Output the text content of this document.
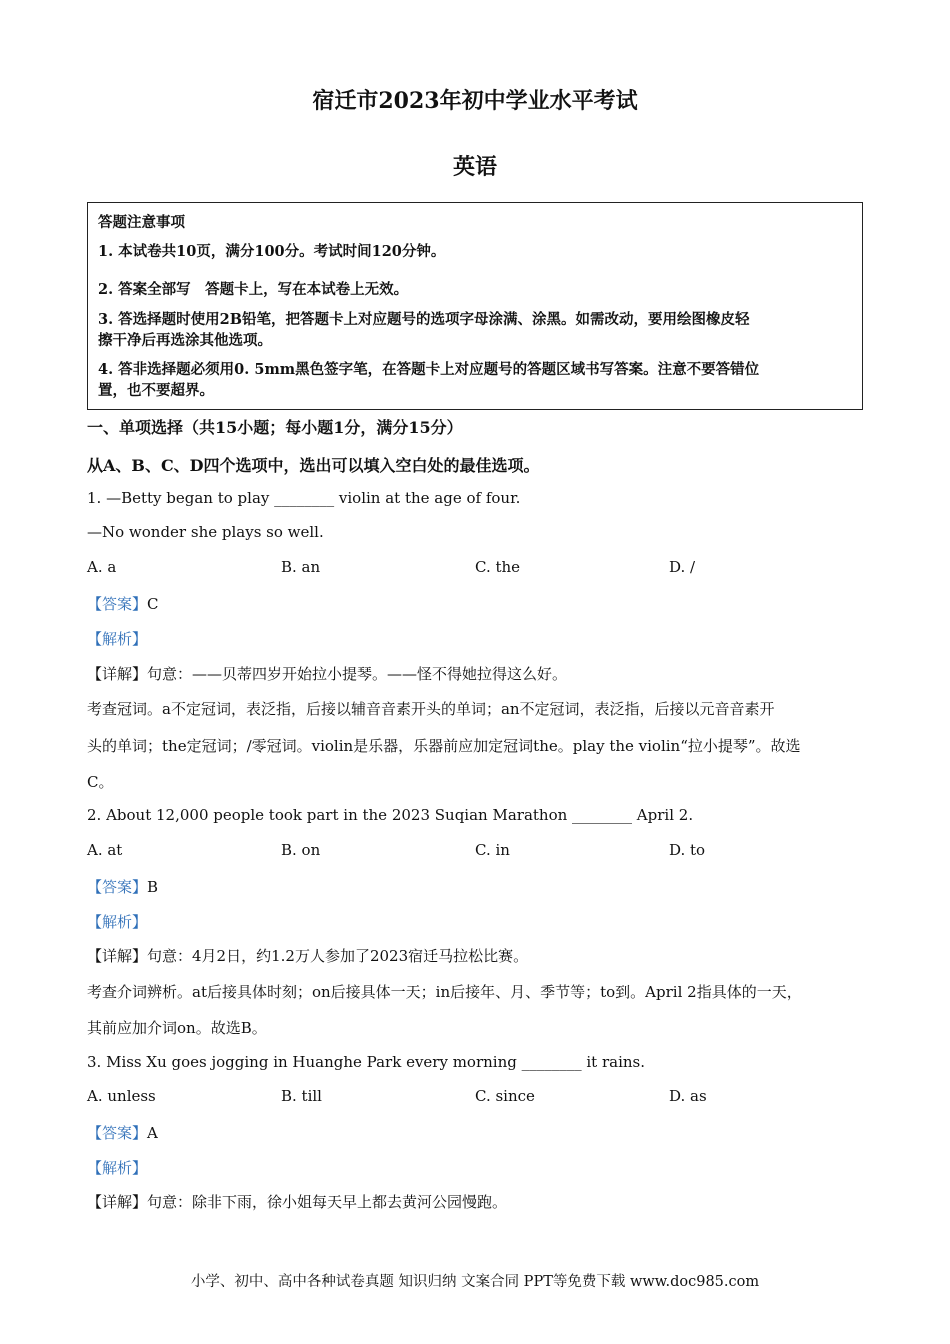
宿迁市2023年初中学业水平考试
英语
答题注意事项
1. 本试卷共10页，满分100分。考试时间120分钟。
2. 答案全部写　答题卡上，写在本试卷上无效。
3. 答选择题时使用2B铅笔，把答题卡上对应题号的选项字母涂满、涂黑。如需改动，要用绘图橡皮轻
擦干净后再选涂其他选项。
4. 答非选择题必须用0. 5mm黑色签字笔，在答题卡上对应题号的答题区域书写答案。注意不要答错位
置，也不要超界。
一、单项选择（共15小题；每小题1分，满分15分）
从A、B、C、D四个选项中，选出可以填入空白处的最佳选项。
1. —Betty began to play ________ violin at the age of four.
—No wonder she plays so well.
A. a	B. an	C. the	D. /
【答案】C
【解析】
【详解】句意：——贝蒂四岁开始拉小提琴。——怪不得她拉得这么好。
考查冠词。a不定冠词，表泛指，后接以辅音音素开头的单词；an不定冠词，表泛指，后接以元音音素开
头的单词；the定冠词；/零冠词。violin是乐器，乐器前应加定冠词the。play the violin“拉小提琴”。故选
C。
2. About 12,000 people took part in the 2023 Suqian Marathon ________ April 2.
A. at	B. on	C. in	D. to
【答案】B
【解析】
【详解】句意：4月2日，约1.2万人参加了2023宿迁马拉松比赛。
考查介词辨析。at后接具体时刻；on后接具体一天；in后接年、月、季节等；to到。April 2指具体的一天，
其前应加介词on。故选B。
3. Miss Xu goes jogging in Huanghe Park every morning ________ it rains.
A. unless	B. till	C. since	D. as
【答案】A
【解析】
【详解】句意：除非下雨，徐小姐每天早上都去黄河公园慢跑。
小学、初中、高中各种试卷真题 知识归纳 文案合同 PPT等免费下载 www.doc985.com
